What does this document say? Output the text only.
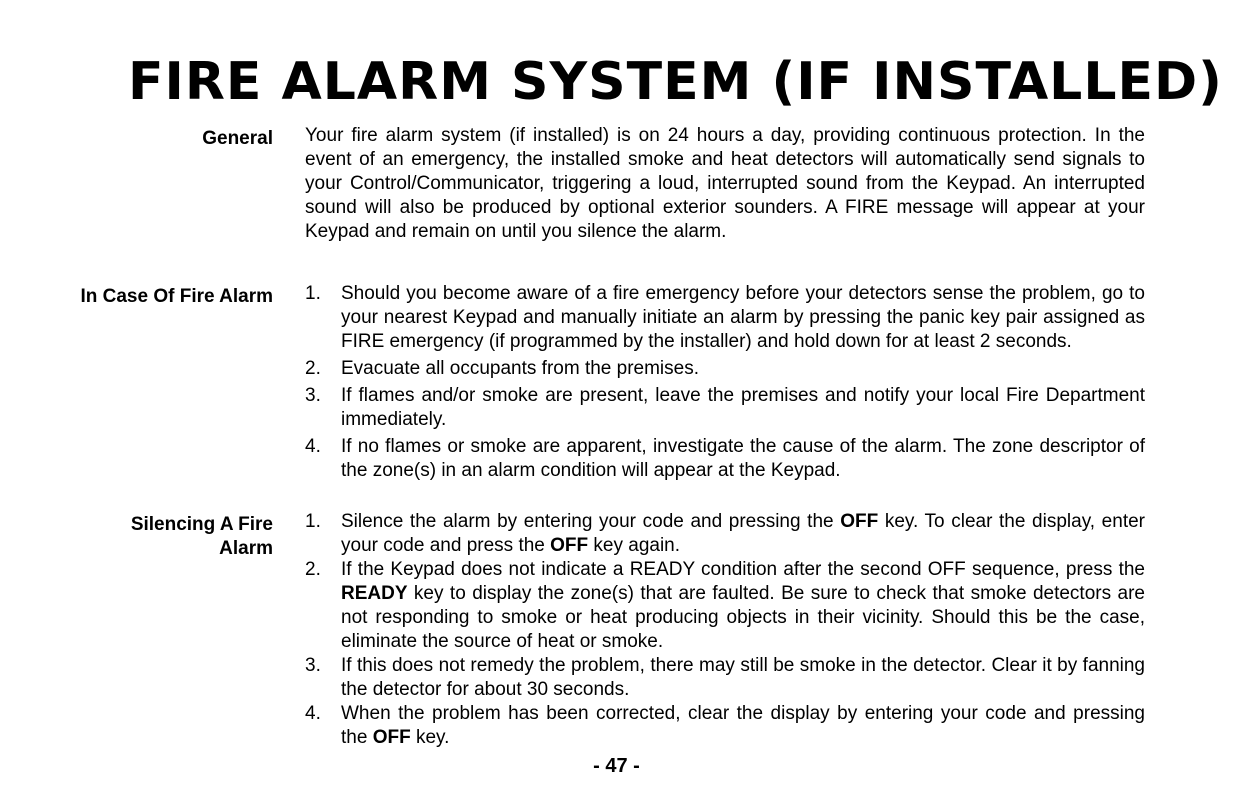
FIRE ALARM SYSTEM (IF INSTALLED)
General Your fire alarm system (if installed) is on 24 hours a day, providing continuous protection. In the event of an emergency, the installed smoke and heat detectors will automatically send signals to your Control/Communicator, triggering a loud, interrupted sound from the Keypad. An interrupted sound will also be produced by optional exterior sounders. A FIRE message will appear at your Keypad and remain on until you silence the alarm.

In Case Of Fire Alarm 1. Should you become aware of a fire emergency before your detectors sense the problem, go to your nearest Keypad and manually initiate an alarm by pressing the panic key pair assigned as FIRE emergency (if programmed by the installer) and hold down for at least 2 seconds.
2. Evacuate all occupants from the premises.
3. If flames and/or smoke are present, leave the premises and notify your local Fire Department immediately.
4. If no flames or smoke are apparent, investigate the cause of the alarm. The zone descriptor of the zone(s) in an alarm condition will appear at the Keypad.
Silencing A Fire Alarm
1. Silence the alarm by entering your code and pressing the OFF key. To clear the display, enter your code and press the OFF key again.
2. If the Keypad does not indicate a READY condition after the second OFF sequence, press the READY key to display the zone(s) that are faulted. Be sure to check that smoke detectors are not responding to smoke or heat producing objects in their vicinity. Should this be the case, eliminate the source of heat or smoke.
3. If this does not remedy the problem, there may still be smoke in the detector. Clear it by fanning the detector for about 30 seconds.
4. When the problem has been corrected, clear the display by entering your code and pressing the OFF key.
- 47 -
